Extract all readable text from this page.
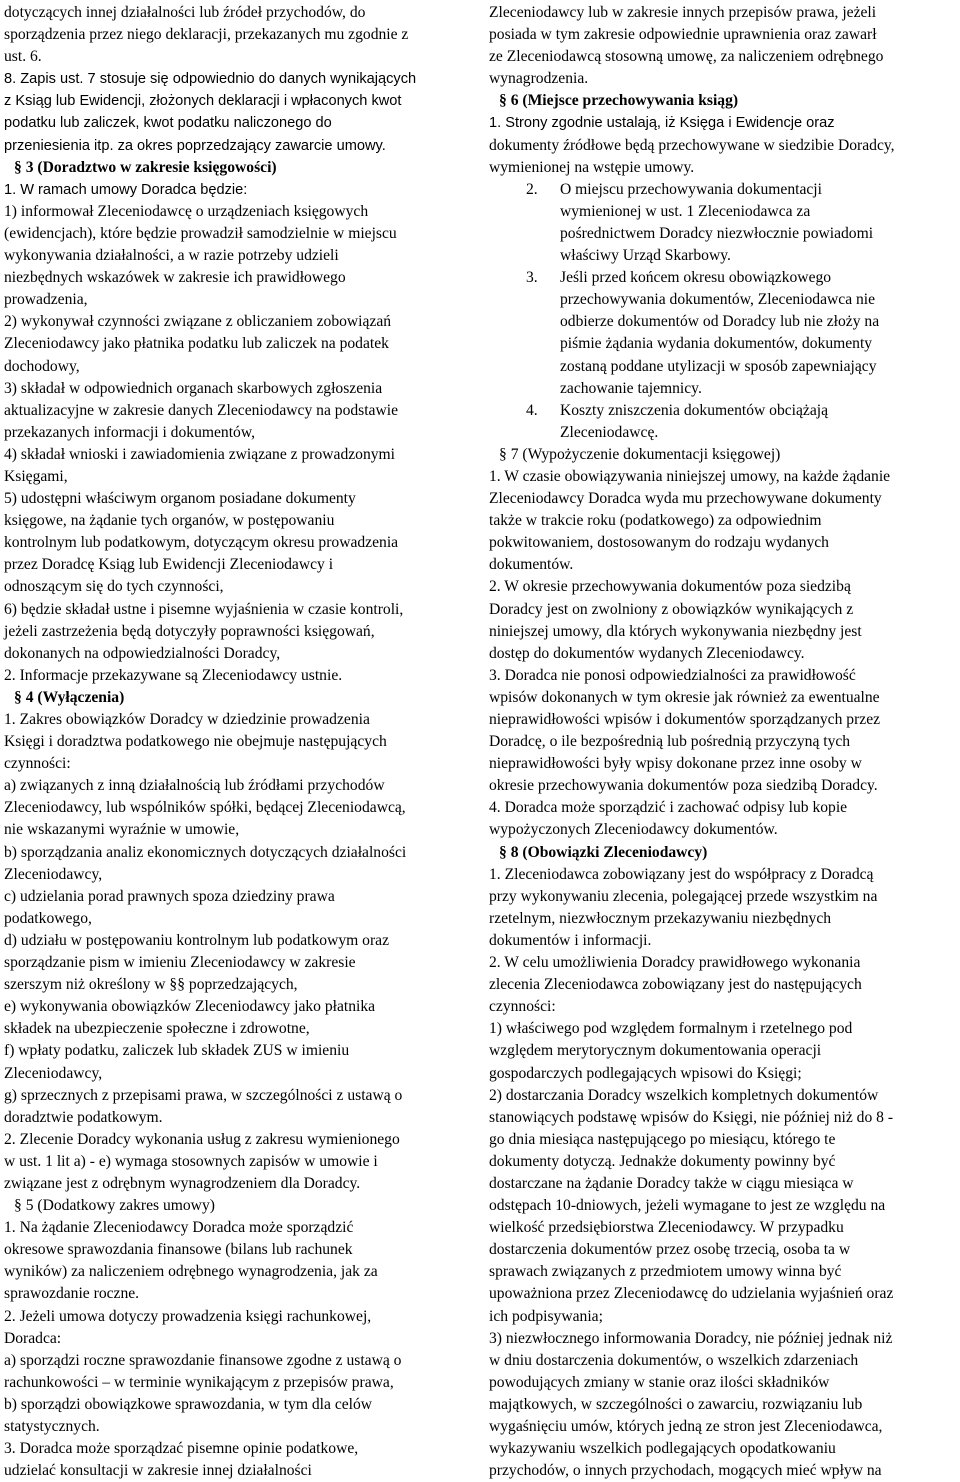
dotyczących innej działalności lub źródeł przychodów, do
sporządzenia przez niego deklaracji, przekazanych mu zgodnie z
ust. 6.
8. Zapis ust. 7 stosuje się odpowiednio do danych wynikających
z Ksiąg lub Ewidencji, złożonych deklaracji i wpłaconych kwot
podatku lub zaliczek, kwot podatku naliczonego do
przeniesienia itp. za okres poprzedzający zawarcie umowy.
§ 3 (Doradztwo w zakresie księgowości)
1. W ramach umowy Doradca będzie:
1) informował Zleceniodawcę o urządzeniach księgowych
(ewidencjach), które będzie prowadził samodzielnie w miejscu
wykonywania działalności, a w razie potrzeby udzieli
niezbędnych wskazówek w zakresie ich prawidłowego
prowadzenia,
2) wykonywał czynności związane z obliczaniem zobowiązań
Zleceniodawcy jako płatnika podatku lub zaliczek na podatek
dochodowy,
3) składał w odpowiednich organach skarbowych zgłoszenia
aktualizacyjne w zakresie danych Zleceniodawcy na podstawie
przekazanych informacji i dokumentów,
4) składał wnioski i zawiadomienia związane z prowadzonymi
Księgami,
5) udostępni właściwym organom posiadane dokumenty
księgowe, na żądanie tych organów, w postępowaniu
kontrolnym lub podatkowym, dotyczącym okresu prowadzenia
przez Doradcę Ksiąg lub Ewidencji Zleceniodawcy i
odnoszącym się do tych czynności,
6) będzie składał ustne i pisemne wyjaśnienia w czasie kontroli,
jeżeli zastrzeżenia będą dotyczyły poprawności księgowań,
dokonanych na odpowiedzialności Doradcy,
2. Informacje przekazywane są Zleceniodawcy ustnie.
§ 4 (Wyłączenia)
1. Zakres obowiązków Doradcy w dziedzinie prowadzenia
Księgi i doradztwa podatkowego nie obejmuje następujących
czynności:
a) związanych z inną działalnością lub źródłami przychodów
Zleceniodawcy, lub wspólników spółki, będącej Zleceniodawcą,
nie wskazanymi wyraźnie w umowie,
b) sporządzania analiz ekonomicznych dotyczących działalności
Zleceniodawcy,
c) udzielania porad prawnych spoza dziedziny prawa
podatkowego,
d) udziału w postępowaniu kontrolnym lub podatkowym oraz
sporządzanie pism w imieniu Zleceniodawcy w zakresie
szerszym niż określony w §§ poprzedzających,
e) wykonywania obowiązków Zleceniodawcy jako płatnika
składek na ubezpieczenie społeczne i zdrowotne,
f) wpłaty podatku, zaliczek lub składek ZUS w imieniu
Zleceniodawcy,
g) sprzecznych z przepisami prawa, w szczególności z ustawą o
doradztwie podatkowym.
2. Zlecenie Doradcy wykonania usług z zakresu wymienionego
w ust. 1 lit a) - e) wymaga stosownych zapisów w umowie i
związane jest z odrębnym wynagrodzeniem dla Doradcy.
§ 5 (Dodatkowy zakres umowy)
1. Na żądanie Zleceniodawcy Doradca może sporządzić
okresowe sprawozdania finansowe (bilans lub rachunek
wyników) za naliczeniem odrębnego wynagrodzenia, jak za
sprawozdanie roczne.
2. Jeżeli umowa dotyczy prowadzenia księgi rachunkowej,
Doradca:
a) sporządzi roczne sprawozdanie finansowe zgodne z ustawą o
rachunkowości – w terminie wynikającym z przepisów prawa,
b) sporządzi obowiązkowe sprawozdania, w tym dla celów
statystycznych.
3. Doradca może sporządzać pisemne opinie podatkowe,
udzielać konsultacji w zakresie innej działalności
Zleceniodawcy lub w zakresie innych przepisów prawa, jeżeli
posiada w tym zakresie odpowiednie uprawnienia oraz zawarł
ze Zleceniodawcą stosowną umowę, za naliczeniem odrębnego
wynagrodzenia.
§ 6 (Miejsce przechowywania ksiąg)
1. Strony zgodnie ustalają, iż Księga i Ewidencje oraz
dokumenty źródłowe będą przechowywane w siedzibie Doradcy,
wymienionej na wstępie umowy.
2. O miejscu przechowywania dokumentacji
wymienionej w ust. 1 Zleceniodawca za
pośrednictwem Doradcy niezwłocznie powiadomi
właściwy Urząd Skarbowy.
3. Jeśli przed końcem okresu obowiązkowego
przechowywania dokumentów, Zleceniodawca nie
odbierze dokumentów od Doradcy lub nie złoży na
piśmie żądania wydania dokumentów, dokumenty
zostaną poddane utylizacji w sposób zapewniający
zachowanie tajemnicy.
4. Koszty zniszczenia dokumentów obciążają
Zleceniodawcę.
§ 7 (Wypożyczenie dokumentacji księgowej)
1. W czasie obowiązywania niniejszej umowy, na każde żądanie
Zleceniodawcy Doradca wyda mu przechowywane dokumenty
także w trakcie roku (podatkowego) za odpowiednim
pokwitowaniem, dostosowanym do rodzaju wydanych
dokumentów.
2. W okresie przechowywania dokumentów poza siedzibą
Doradcy jest on zwolniony z obowiązków wynikających z
niniejszej umowy, dla których wykonywania niezbędny jest
dostęp do dokumentów wydanych Zleceniodawcy.
3. Doradca nie ponosi odpowiedzialności za prawidłowość
wpisów dokonanych w tym okresie jak również za ewentualne
nieprawidłowości wpisów i dokumentów sporządzanych przez
Doradcę, o ile bezpośrednią lub pośrednią przyczyną tych
nieprawidłowości były wpisy dokonane przez inne osoby w
okresie przechowywania dokumentów poza siedzibą Doradcy.
4. Doradca może sporządzić i zachować odpisy lub kopie
wypożyczonych Zleceniodawcy dokumentów.
§ 8 (Obowiązki Zleceniodawcy)
1. Zleceniodawca zobowiązany jest do współpracy z Doradcą
przy wykonywaniu zlecenia, polegającej przede wszystkim na
rzetelnym, niezwłocznym przekazywaniu niezbędnych
dokumentów i informacji.
2. W celu umożliwienia Doradcy prawidłowego wykonania
zlecenia Zleceniodawca zobowiązany jest do następujących
czynności:
1) właściwego pod względem formalnym i rzetelnego pod
względem merytorycznym dokumentowania operacji
gospodarczych podlegających wpisowi do Księgi;
2) dostarczania Doradcy wszelkich kompletnych dokumentów
stanowiących podstawę wpisów do Księgi, nie później niż do 8 -
go dnia miesiąca następującego po miesiącu, którego te
dokumenty dotyczą. Jednakże dokumenty powinny być
dostarczane na żądanie Doradcy także w ciągu miesiąca w
odstępach 10-dniowych, jeżeli wymagane to jest ze względu na
wielkość przedsiębiorstwa Zleceniodawcy. W przypadku
dostarczenia dokumentów przez osobę trzecią, osoba ta w
sprawach związanych z przedmiotem umowy winna być
upoważniona przez Zleceniodawcę do udzielania wyjaśnień oraz
ich podpisywania;
3) niezwłocznego informowania Doradcy, nie później jednak niż
w dniu dostarczenia dokumentów, o wszelkich zdarzeniach
powodujących zmiany w stanie oraz ilości składników
majątkowych, w szczególności o zawarciu, rozwiązaniu lub
wygaśnięciu umów, których jedną ze stron jest Zleceniodawca,
wykazywaniu wszelkich podlegających opodatkowaniu
przychodów, o innych przychodach, mogących mieć wpływ na
